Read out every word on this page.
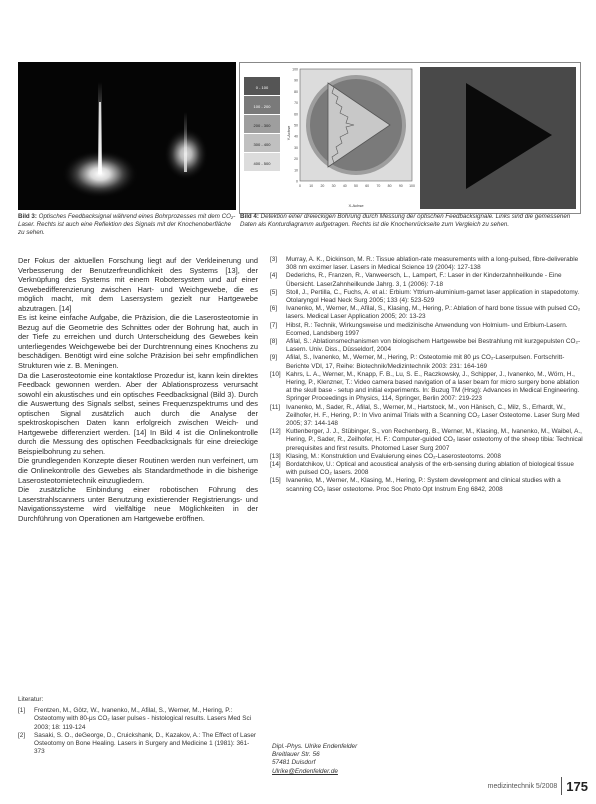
Bild 3: Optisches Feedbacksignal während eines Bohrprozesses mit dem CO₂-Laser. Rechts ist auch eine Reflektion des Signals mit der Knochenoberfläche zu sehen.
0 - 100
100 - 200
200 - 300
300 - 400
400 - 500
Y-Achse
100
90
80
70
60
50
40
30
20
10
0
0 10 20 30 40 50 60 70 80 90 100
X-Achse
Bild 4: Detektion einer dreieckigen Bohrung durch Messung der optischen Feedbacksignale. Links sind die gemessenen Daten als Konturdiagramm aufgetragen. Rechts ist die Knochenrückseite zum Vergleich zu sehen.

Der Fokus der aktuellen Forschung liegt auf der Verkleinerung und Verbesserung der Benutzerfreundlichkeit des Systems [13], der Verknüpfung des Systems mit einem Robotersystem und auf einer Gewebedifferenzierung zwischen Hart- und Weichgewebe, die es möglich macht, mit dem Lasersystem gezielt nur Hartgewebe abzutragen. [14]

Es ist keine einfache Aufgabe, die Präzision, die die Laserosteotomie in Bezug auf die Geometrie des Schnittes oder der Bohrung hat, auch in der Tiefe zu erreichen und durch Unterscheidung des Gewebes kein unterliegendes Weichgewebe bei der Durchtrennung eines Knochens zu beschädigen. Benötigt wird eine solche Präzision bei sehr empfindlichen Strukturen wie z. B. Meningen.

Da die Laserosteotomie eine kontaktlose Prozedur ist, kann kein direktes Feedback gewonnen werden. Aber der Ablationsprozess verursacht sowohl ein akustisches und ein optisches Feedbacksignal (Bild 3). Durch die Auswertung des Signals selbst, seines Frequenzspektrums und des optischen Signal zusätzlich auch durch die Analyse der spektroskopischen Daten kann erfolgreich zwischen Weich- und Hartgewebe differenziert werden. [14] In Bild 4 ist die Onlinekontrolle durch die Messung des optischen Feedbacksignals für eine dreieckige Beispielbohrung zu sehen.

Die grundlegenden Konzepte dieser Routinen werden nun verfeinert, um die Onlinekontrolle des Gewebes als Standardmethode in die bisherige Laserosteotomietechnik einzugliedern.

Die zusätzliche Einbindung einer robotischen Führung des Laserstrahlscanners unter Benutzung existierender Registrierungs- und Navigationssysteme wird vielfältige neue Möglichkeiten in der Durchführung von Operationen am Hartgewebe eröffnen.

Literatur:
[1]	Frentzen, M., Götz, W., Ivanenko, M., Afilal, S., Werner, M., Hering, P.: Osteotomy with 80-μs CO₂ laser pulses - histological results. Lasers Med Sci 2003; 18: 119-124
[2]	Sasaki, S. O., deGeorge, D., Cruickshank, D., Kazakov, A.: The Effect of Laser Osteotomy on Bone Healing. Lasers in Surgery and Medicine 1 (1981): 361-373
[3]	Murray, A. K., Dickinson, M. R.: Tissue ablation-rate measurements with a long-pulsed, fibre-deliverable 308 nm excimer laser. Lasers in Medical Science 19 (2004): 127-138
[4]	Dederichs, R., Franzen, R., Vanweersch, L., Lampert, F.: Laser in der Kinderzahnheilkunde - Eine Übersicht. LaserZahnheilkunde Jahrg. 3, 1 (2006): 7-18
[5]	Stoll, J., Pertilla, C., Fuchs, A. et al.: Erbium: Yttrium-aluminium-garnet laser application in stapedotomy. Otolaryngol Head Neck Surg 2005; 133 (4): 523-529
[6]	Ivanenko, M., Werner, M., Afilal, S., Klasing, M., Hering, P.: Ablation of hard bone tissue with pulsed CO₂ lasers. Medical Laser Application 2005; 20: 13-23
[7]	Hibst, R.: Technik, Wirkungsweise und medizinische Anwendung von Holmium- und Erbium-Lasern. Ecomed, Landsberg 1997
[8]	Afilal, S.: Ablationsmechanismen von biologischem Hartgewebe bei Bestrahlung mit kurzgepulsten CO₂-Lasern. Univ. Diss., Düsseldorf, 2004
[9]	Afilal, S., Ivanenko, M., Werner, M., Hering, P.: Osteotomie mit 80 μs CO₂-Laserpulsen. Fortschritt-Berichte VDI, 17, Reihe: Biotechnik/Medizintechnik 2003: 231: 164-169
[10] Kahrs, L. A., Werner, M., Knapp, F. B., Lu, S. E., Raczkowsky, J., Schipper, J., Ivanenko, M., Wörn, H., Hering, P., Klenzner, T.: Video camera based navigation of a laser beam for micro surgery bone ablation at the skull base - setup and initial experiments. In: Buzug TM (Hrsg): Advances in Medical Engineering. Springer Proceedings in Physics, 114, Springer, Berlin 2007: 219-223
[11] Ivanenko, M., Sader, R., Afilal, S., Werner, M., Hartstock, M., von Hänisch, C., Milz, S., Erhardt, W., Zeilhofer, H. F., Hering, P.: In Vivo animal Trials with a Scanning CO₂ Laser Osteotome. Laser Surg Med 2005; 37: 144-148
[12] Kuttenberger, J. J., Stübinger, S., von Rechenberg, B., Werner, M., Klasing, M., Ivanenko, M., Waibel, A., Hering, P., Sader, R., Zeilhofer, H. F.: Computer-guided CO₂ laser osteotomy of the sheep tibia: Technical prerequisites and first results. Photomed Laser Surg 2007
[13] Klasing, M.: Konstruktion und Evaluierung eines CO₂-Laserosteotoms. 2008
[14] Bordatchikov, U.: Optical and acoustical analysis of the erb-sensing during ablation of biological tissue with pulsed CO₂ lasers. 2008
[15] Ivanenko, M., Werner, M., Klasing, M., Hering, P.: System development and clinical studies with a scanning CO₂ laser osteotome. Proc Soc Photo Opt Instrum Eng 6842, 2008
Dipl.-Phys. Ulrike Endenfelder
Breitlauer Str. 56
57481 Duisdorf
Ulrike@Endenfelder.de
medizintechnik 5/2008 175
